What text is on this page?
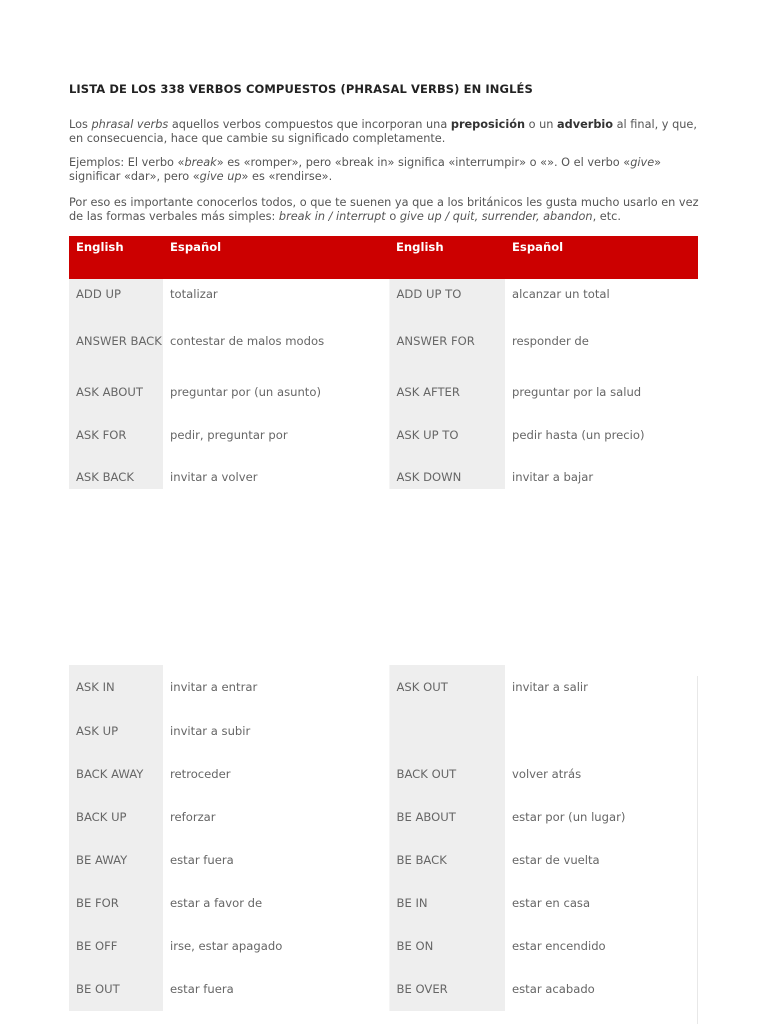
LISTA DE LOS 338 VERBOS COMPUESTOS (PHRASAL VERBS) EN INGLÉS
Los phrasal verbs aquellos verbos compuestos que incorporan una preposición o un adverbio al final, y que, en consecuencia, hace que cambie su significado completamente.
Ejemplos: El verbo «break» es «romper», pero «break in» significa «interrumpir» o «». O el verbo «give» significar «dar», pero «give up» es «rendirse».
Por eso es importante conocerlos todos, o que te suenen ya que a los británicos les gusta mucho usarlo en vez de las formas verbales más simples: break in / interrupt o give up / quit, surrender, abandon, etc.
English	Español	English	Español
ADD UP	totalizar	ADD UP TO	alcanzar un total
ANSWER BACK	contestar de malos modos	ANSWER FOR	responder de
ASK ABOUT	preguntar por (un asunto)	ASK AFTER	preguntar por la salud
ASK FOR	pedir, preguntar por	ASK UP TO	pedir hasta (un precio)
ASK BACK	invitar a volver	ASK DOWN	invitar a bajar
ASK IN	invitar a entrar	ASK OUT	invitar a salir
ASK UP	invitar a subir		
BACK AWAY	retroceder	BACK OUT	volver atrás
BACK UP	reforzar	BE ABOUT	estar por (un lugar)
BE AWAY	estar fuera	BE BACK	estar de vuelta
BE FOR	estar a favor de	BE IN	estar en casa
BE OFF	irse, estar apagado	BE ON	estar encendido
BE OUT	estar fuera	BE OVER	estar acabado
